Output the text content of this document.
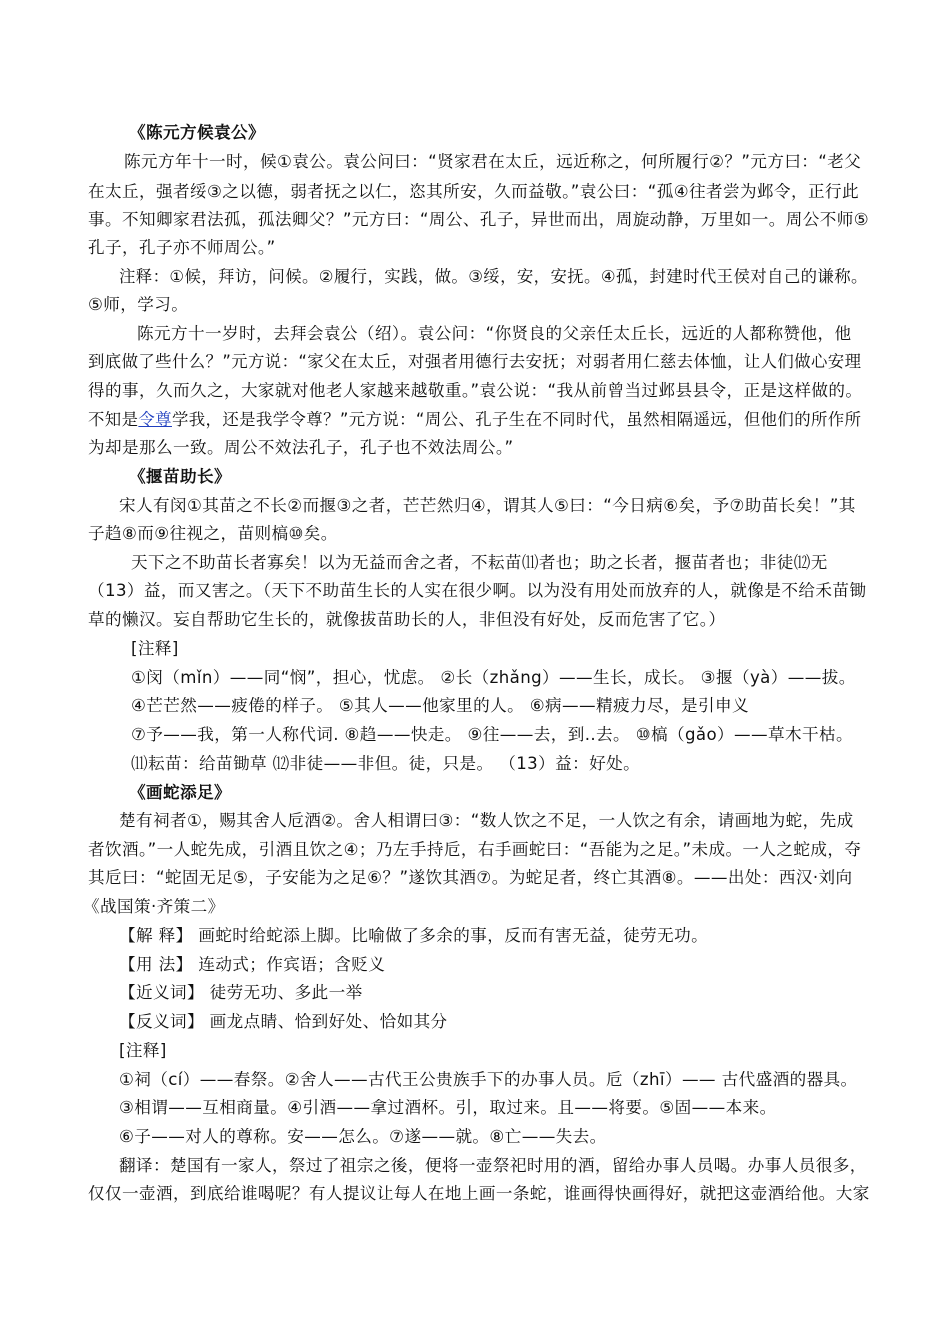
《陈元方候袁公》
陈元方年十一时，候①袁公。袁公问曰：“贤家君在太丘，远近称之，何所履行②？”元方曰：“老父
在太丘，强者绥③之以德，弱者抚之以仁，恣其所安，久而益敬。”袁公曰：“孤④往者尝为邺令，正行此
事。不知卿家君法孤，孤法卿父？”元方曰：“周公、孔子，异世而出，周旋动静，万里如一。周公不师⑤
孔子，孔子亦不师周公。”
注释：①候，拜访，问候。②履行，实践，做。③绥，安，安抚。④孤，封建时代王侯对自己的谦称。
⑤师，学习。
陈元方十一岁时，去拜会袁公（绍）。袁公问：“你贤良的父亲任太丘长，远近的人都称赞他，他
到底做了些什么？”元方说：“家父在太丘，对强者用德行去安抚；对弱者用仁慈去体恤，让人们做心安理
得的事，久而久之，大家就对他老人家越来越敬重。”袁公说：“我从前曾当过邺县县令，正是这样做的。
不知是令尊学我，还是我学令尊？”元方说：“周公、孔子生在不同时代，虽然相隔遥远，但他们的所作所
为却是那么一致。周公不效法孔子，孔子也不效法周公。”
《揠苗助长》
宋人有闵①其苗之不长②而揠③之者，芒芒然归④，谓其人⑤曰：“今日病⑥矣，予⑦助苗长矣！”其
子趋⑧而⑨往视之，苗则槁⑩矣。
天下之不助苗长者寡矣！以为无益而舍之者，不耘苗⑾者也；助之长者，揠苗者也；非徒⑿无
（13）益，而又害之。（天下不助苗生长的人实在很少啊。以为没有用处而放弃的人，就像是不给禾苗锄
草的懒汉。妄自帮助它生长的，就像拔苗助长的人，非但没有好处，反而危害了它。）
[注释]
①闵（mǐn）——同“悯”，担心，忧虑。 ②长（zhǎng）——生长，成长。 ③揠（yà）——拔。
④芒芒然——疲倦的样子。 ⑤其人——他家里的人。 ⑥病——精疲力尽，是引申义
⑦予——我，第一人称代词. ⑧趋——快走。 ⑨往——去，到..去。 ⑩槁（gǎo）——草木干枯。
⑾耘苗：给苗锄草 ⑿非徒——非但。徒，只是。 （13）益：好处。
《画蛇添足》
楚有祠者①，赐其舍人卮酒②。舍人相谓曰③：“数人饮之不足，一人饮之有余，请画地为蛇，先成
者饮酒。”一人蛇先成，引酒且饮之④；乃左手持卮，右手画蛇曰：“吾能为之足。”未成。一人之蛇成，夺
其卮曰：“蛇固无足⑤，子安能为之足⑥？”遂饮其酒⑦。为蛇足者，终亡其酒⑧。——出处：西汉·刘向
《战国策·齐策二》
【解 释】 画蛇时给蛇添上脚。比喻做了多余的事，反而有害无益，徒劳无功。
【用 法】 连动式；作宾语；含贬义
【近义词】 徒劳无功、多此一举
【反义词】 画龙点睛、恰到好处、恰如其分
[注释]
①祠（cí）——春祭。②舍人——古代王公贵族手下的办事人员。卮（zhī）—— 古代盛酒的器具。
③相谓——互相商量。④引酒——拿过酒杯。引，取过来。且——将要。⑤固——本来。
⑥子——对人的尊称。安——怎么。⑦遂——就。⑧亡——失去。
翻译：楚国有一家人，祭过了祖宗之後，便将一壶祭祀时用的酒，留给办事人员喝。办事人员很多，
仅仅一壶酒，到底给谁喝呢？有人提议让每人在地上画一条蛇，谁画得快画得好，就把这壶酒给他。大家
